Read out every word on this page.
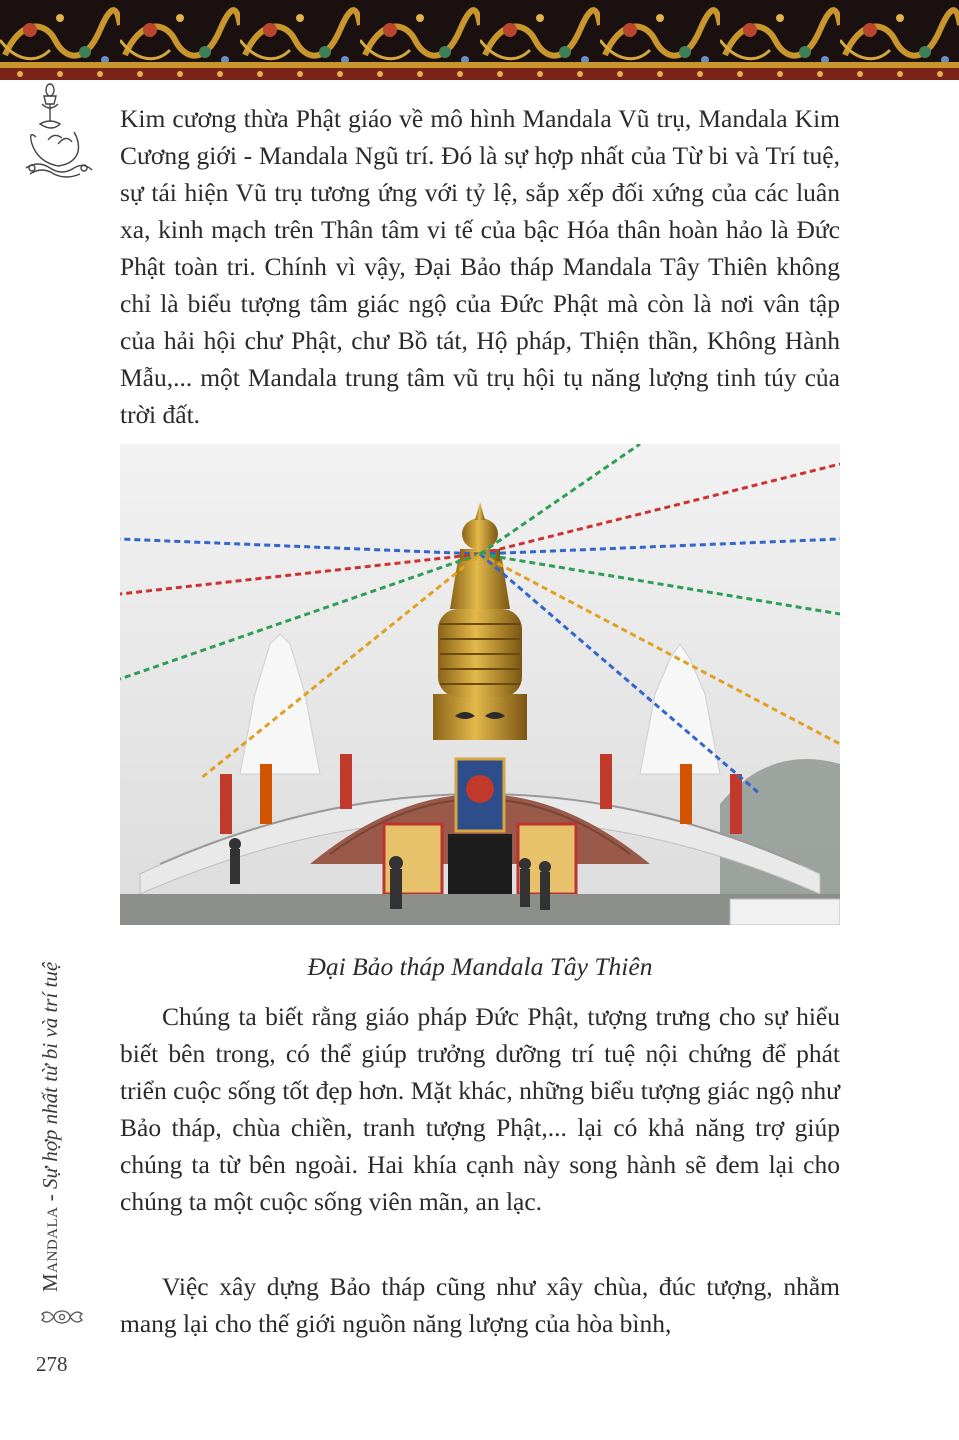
Kim cương thừa Phật giáo về mô hình Mandala Vũ trụ, Mandala Kim Cương giới - Mandala Ngũ trí. Đó là sự hợp nhất của Từ bi và Trí tuệ, sự tái hiện Vũ trụ tương ứng với tỷ lệ, sắp xếp đối xứng của các luân xa, kinh mạch trên Thân tâm vi tế của bậc Hóa thân hoàn hảo là Đức Phật toàn tri. Chính vì vậy, Đại Bảo tháp Mandala Tây Thiên không chỉ là biểu tượng tâm giác ngộ của Đức Phật mà còn là nơi vân tập của hải hội chư Phật, chư Bồ tát, Hộ pháp, Thiện thần, Không Hành Mẫu,... một Mandala trung tâm vũ trụ hội tụ năng lượng tinh túy của trời đất.

Đại Bảo tháp Mandala Tây Thiên

Chúng ta biết rằng giáo pháp Đức Phật, tượng trưng cho sự hiểu biết bên trong, có thể giúp trưởng dưỡng trí tuệ nội chứng để phát triển cuộc sống tốt đẹp hơn. Mặt khác, những biểu tượng giác ngộ như Bảo tháp, chùa chiền, tranh tượng Phật,... lại có khả năng trợ giúp chúng ta từ bên ngoài. Hai khía cạnh này song hành sẽ đem lại cho chúng ta một cuộc sống viên mãn, an lạc.

Việc xây dựng Bảo tháp cũng như xây chùa, đúc tượng, nhằm mang lại cho thế giới nguồn năng lượng của hòa bình,

Mandala - Sự hợp nhất từ bi và trí tuệ
278
